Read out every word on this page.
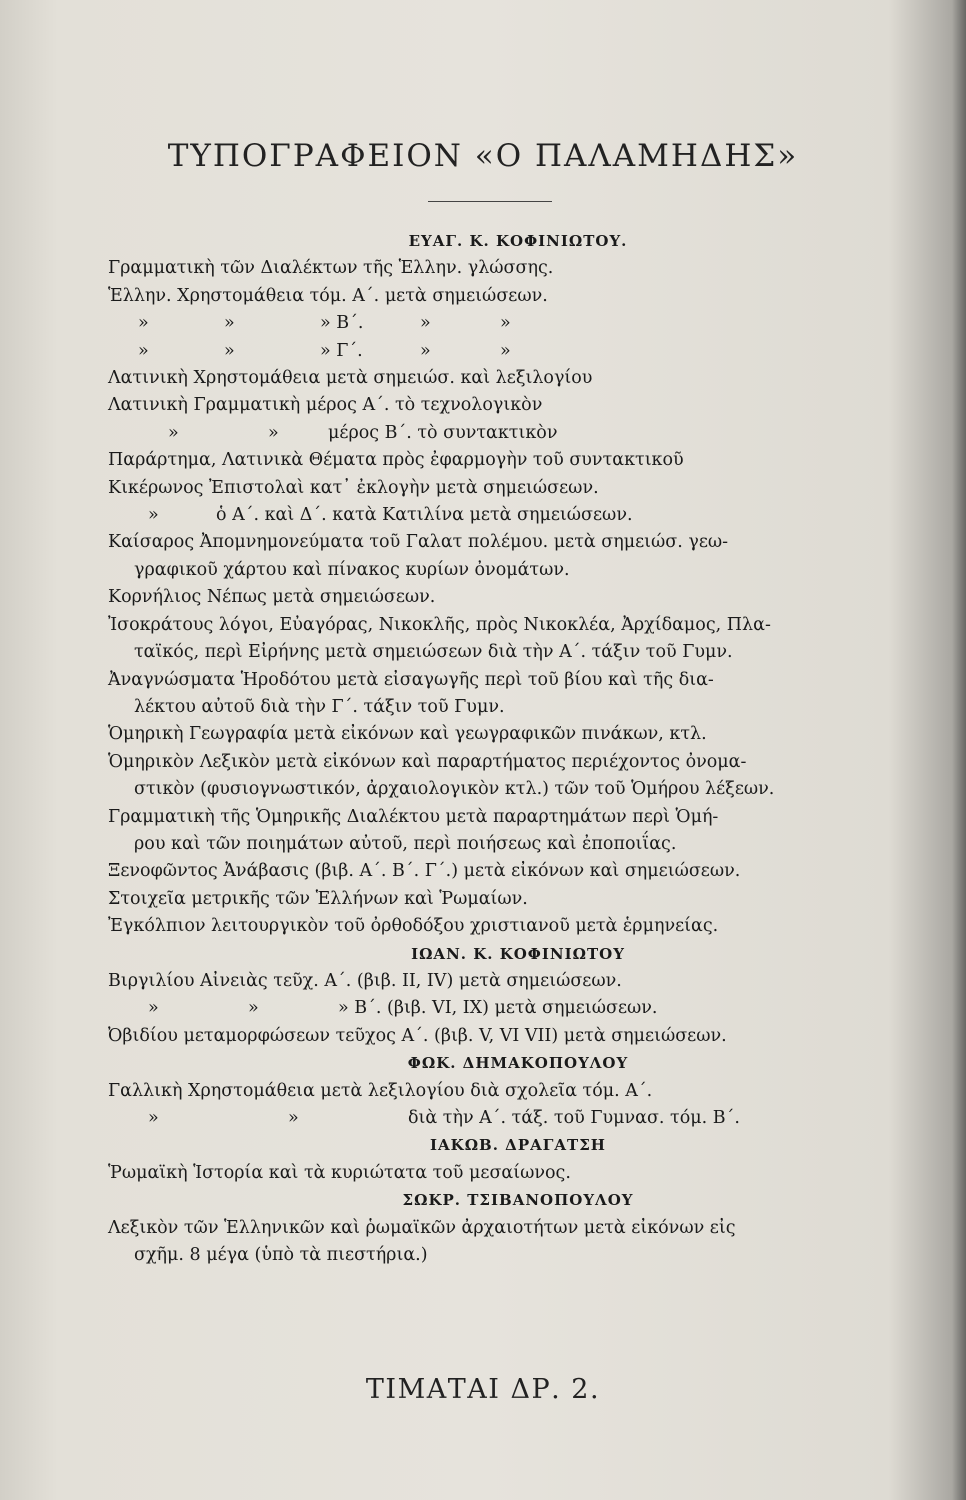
ΤΥΠΟΓΡΑΦΕΙΟΝ «Ο ΠΑΛΑΜΗΔΗΣ»
ΕΥΑΓ. Κ. ΚΟΦΙΝΙΩΤΟΥ.
Γραμματικὴ τῶν Διαλέκτων τῆς Ἑλλην. γλώσσης.
Ἑλλην. Χρηστομάθεια τόμ. Α΄. μετὰ σημειώσεων.
»	»	» Β΄.	»	»
»	»	» Γ΄.	»	»
Λατινικὴ Χρηστομάθεια μετὰ σημειώσ. καὶ λεξιλογίου
Λατινικὴ Γραμματικὴ μέρος Α΄. τὸ τεχνολογικὸν
»	»	μέρος Β΄. τὸ συντακτικὸν
Παράρτημα, Λατινικὰ Θέματα πρὸς ἐφαρμογὴν τοῦ συντακτικοῦ
Κικέρωνος Ἐπιστολαὶ κατ᾿ ἐκλογὴν μετὰ σημειώσεων.
»	ὁ Α΄. καὶ Δ΄. κατὰ Κατιλίνα μετὰ σημειώσεων.
Καίσαρος Ἀπομνημονεύματα τοῦ Γαλατ πολέμου. μετὰ σημειώσ. γεω-
γραφικοῦ χάρτου καὶ πίνακος κυρίων ὀνομάτων.
Κορνήλιος Νέπως μετὰ σημειώσεων.
Ἰσοκράτους λόγοι, Εὐαγόρας, Νικοκλῆς, πρὸς Νικοκλέα, Ἀρχίδαμος, Πλα-
ταϊκός, περὶ Εἰρήνης μετὰ σημειώσεων διὰ τὴν Α΄. τάξιν τοῦ Γυμν.
Ἀναγνώσματα Ἡροδότου μετὰ εἰσαγωγῆς περὶ τοῦ βίου καὶ τῆς δια-
λέκτου αὐτοῦ διὰ τὴν Γ΄. τάξιν τοῦ Γυμν.
Ὁμηρικὴ Γεωγραφία μετὰ εἰκόνων καὶ γεωγραφικῶν πινάκων, κτλ.
Ὁμηρικὸν Λεξικὸν μετὰ εἰκόνων καὶ παραρτήματος περιέχοντος ὀνομα-
στικὸν (φυσιογνωστικόν, ἀρχαιολογικὸν κτλ.) τῶν τοῦ Ὁμήρου λέξεων.
Γραμματικὴ τῆς Ὁμηρικῆς Διαλέκτου μετὰ παραρτημάτων περὶ Ὁμή-
ρου καὶ τῶν ποιημάτων αὐτοῦ, περὶ ποιήσεως καὶ ἐποποιΐας.
Ξενοφῶντος Ἀνάβασις (βιβ. Α΄. Β΄. Γ΄.) μετὰ εἰκόνων καὶ σημειώσεων.
Στοιχεῖα μετρικῆς τῶν Ἑλλήνων καὶ Ῥωμαίων.
Ἐγκόλπιον λειτουργικὸν τοῦ ὀρθοδόξου χριστιανοῦ μετὰ ἑρμηνείας.
ΙΩΑΝ. Κ. ΚΟΦΙΝΙΩΤΟΥ
Βιργιλίου Αἰνειὰς τεῦχ. Α΄. (βιβ. ΙΙ, IV) μετὰ σημειώσεων.
»	»	» Β΄. (βιβ. VI, IX) μετὰ σημειώσεων.
Ὀβιδίου μεταμορφώσεων τεῦχος Α΄. (βιβ. V, VI VII) μετὰ σημειώσεων.
ΦΩΚ. ΔΗΜΑΚΟΠΟΥΛΟΥ
Γαλλικὴ Χρηστομάθεια μετὰ λεξιλογίου διὰ σχολεῖα τόμ. Α΄.
»	»	διὰ τὴν Α΄. τάξ. τοῦ Γυμνασ. τόμ. Β΄.
ΙΑΚΩΒ. ΔΡΑΓΑΤΣΗ
Ῥωμαϊκὴ Ἱστορία καὶ τὰ κυριώτατα τοῦ μεσαίωνος.
ΣΩΚΡ. ΤΣΙΒΑΝΟΠΟΥΛΟΥ
Λεξικὸν τῶν Ἑλληνικῶν καὶ ῥωμαϊκῶν ἀρχαιοτήτων μετὰ εἰκόνων εἰς
σχῆμ. 8 μέγα (ὑπὸ τὰ πιεστήρια.)
ΤΙΜΑΤΑΙ ΔΡ. 2.
